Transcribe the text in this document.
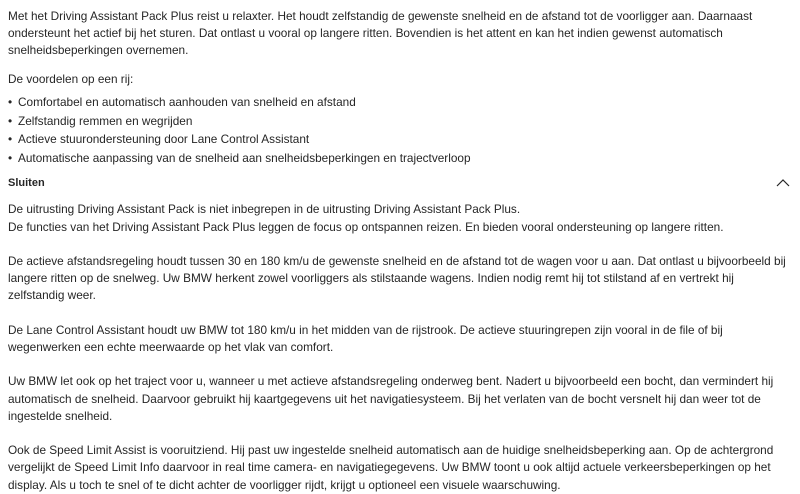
Met het Driving Assistant Pack Plus reist u relaxter. Het houdt zelfstandig de gewenste snelheid en de afstand tot de voorligger aan. Daarnaast ondersteunt het actief bij het sturen. Dat ontlast u vooral op langere ritten. Bovendien is het attent en kan het indien gewenst automatisch snelheidsbeperkingen overnemen.

De voordelen op een rij:

• Comfortabel en automatisch aanhouden van snelheid en afstand
• Zelfstandig remmen en wegrijden
• Actieve stuurondersteuning door Lane Control Assistant
• Automatische aanpassing van de snelheid aan snelheidsbeperkingen en trajectverloop
Sluiten

De uitrusting Driving Assistant Pack is niet inbegrepen in de uitrusting Driving Assistant Pack Plus.

De functies van het Driving Assistant Pack Plus leggen de focus op ontspannen reizen. En bieden vooral ondersteuning op langere ritten.

De actieve afstandsregeling houdt tussen 30 en 180 km/u de gewenste snelheid en de afstand tot de wagen voor u aan. Dat ontlast u bijvoorbeeld bij langere ritten op de snelweg. Uw BMW herkent zowel voorliggers als stilstaande wagens. Indien nodig remt hij tot stilstand af en vertrekt hij zelfstandig weer.

De Lane Control Assistant houdt uw BMW tot 180 km/u in het midden van de rijstrook. De actieve stuuringrepen zijn vooral in de file of bij wegenwerken een echte meerwaarde op het vlak van comfort.

Uw BMW let ook op het traject voor u, wanneer u met actieve afstandsregeling onderweg bent. Nadert u bijvoorbeeld een bocht, dan vermindert hij automatisch de snelheid. Daarvoor gebruikt hij kaartgegevens uit het navigatiesysteem. Bij het verlaten van de bocht versnelt hij dan weer tot de ingestelde snelheid.

Ook de Speed Limit Assist is vooruitziend. Hij past uw ingestelde snelheid automatisch aan de huidige snelheidsbeperking aan. Op de achtergrond vergelijkt de Speed Limit Info daarvoor in real time camera- en navigatiegegevens. Uw BMW toont u ook altijd actuele verkeersbeperkingen op het display. Als u toch te snel of te dicht achter de voorligger rijdt, krijgt u optioneel een visuele waarschuwing.
